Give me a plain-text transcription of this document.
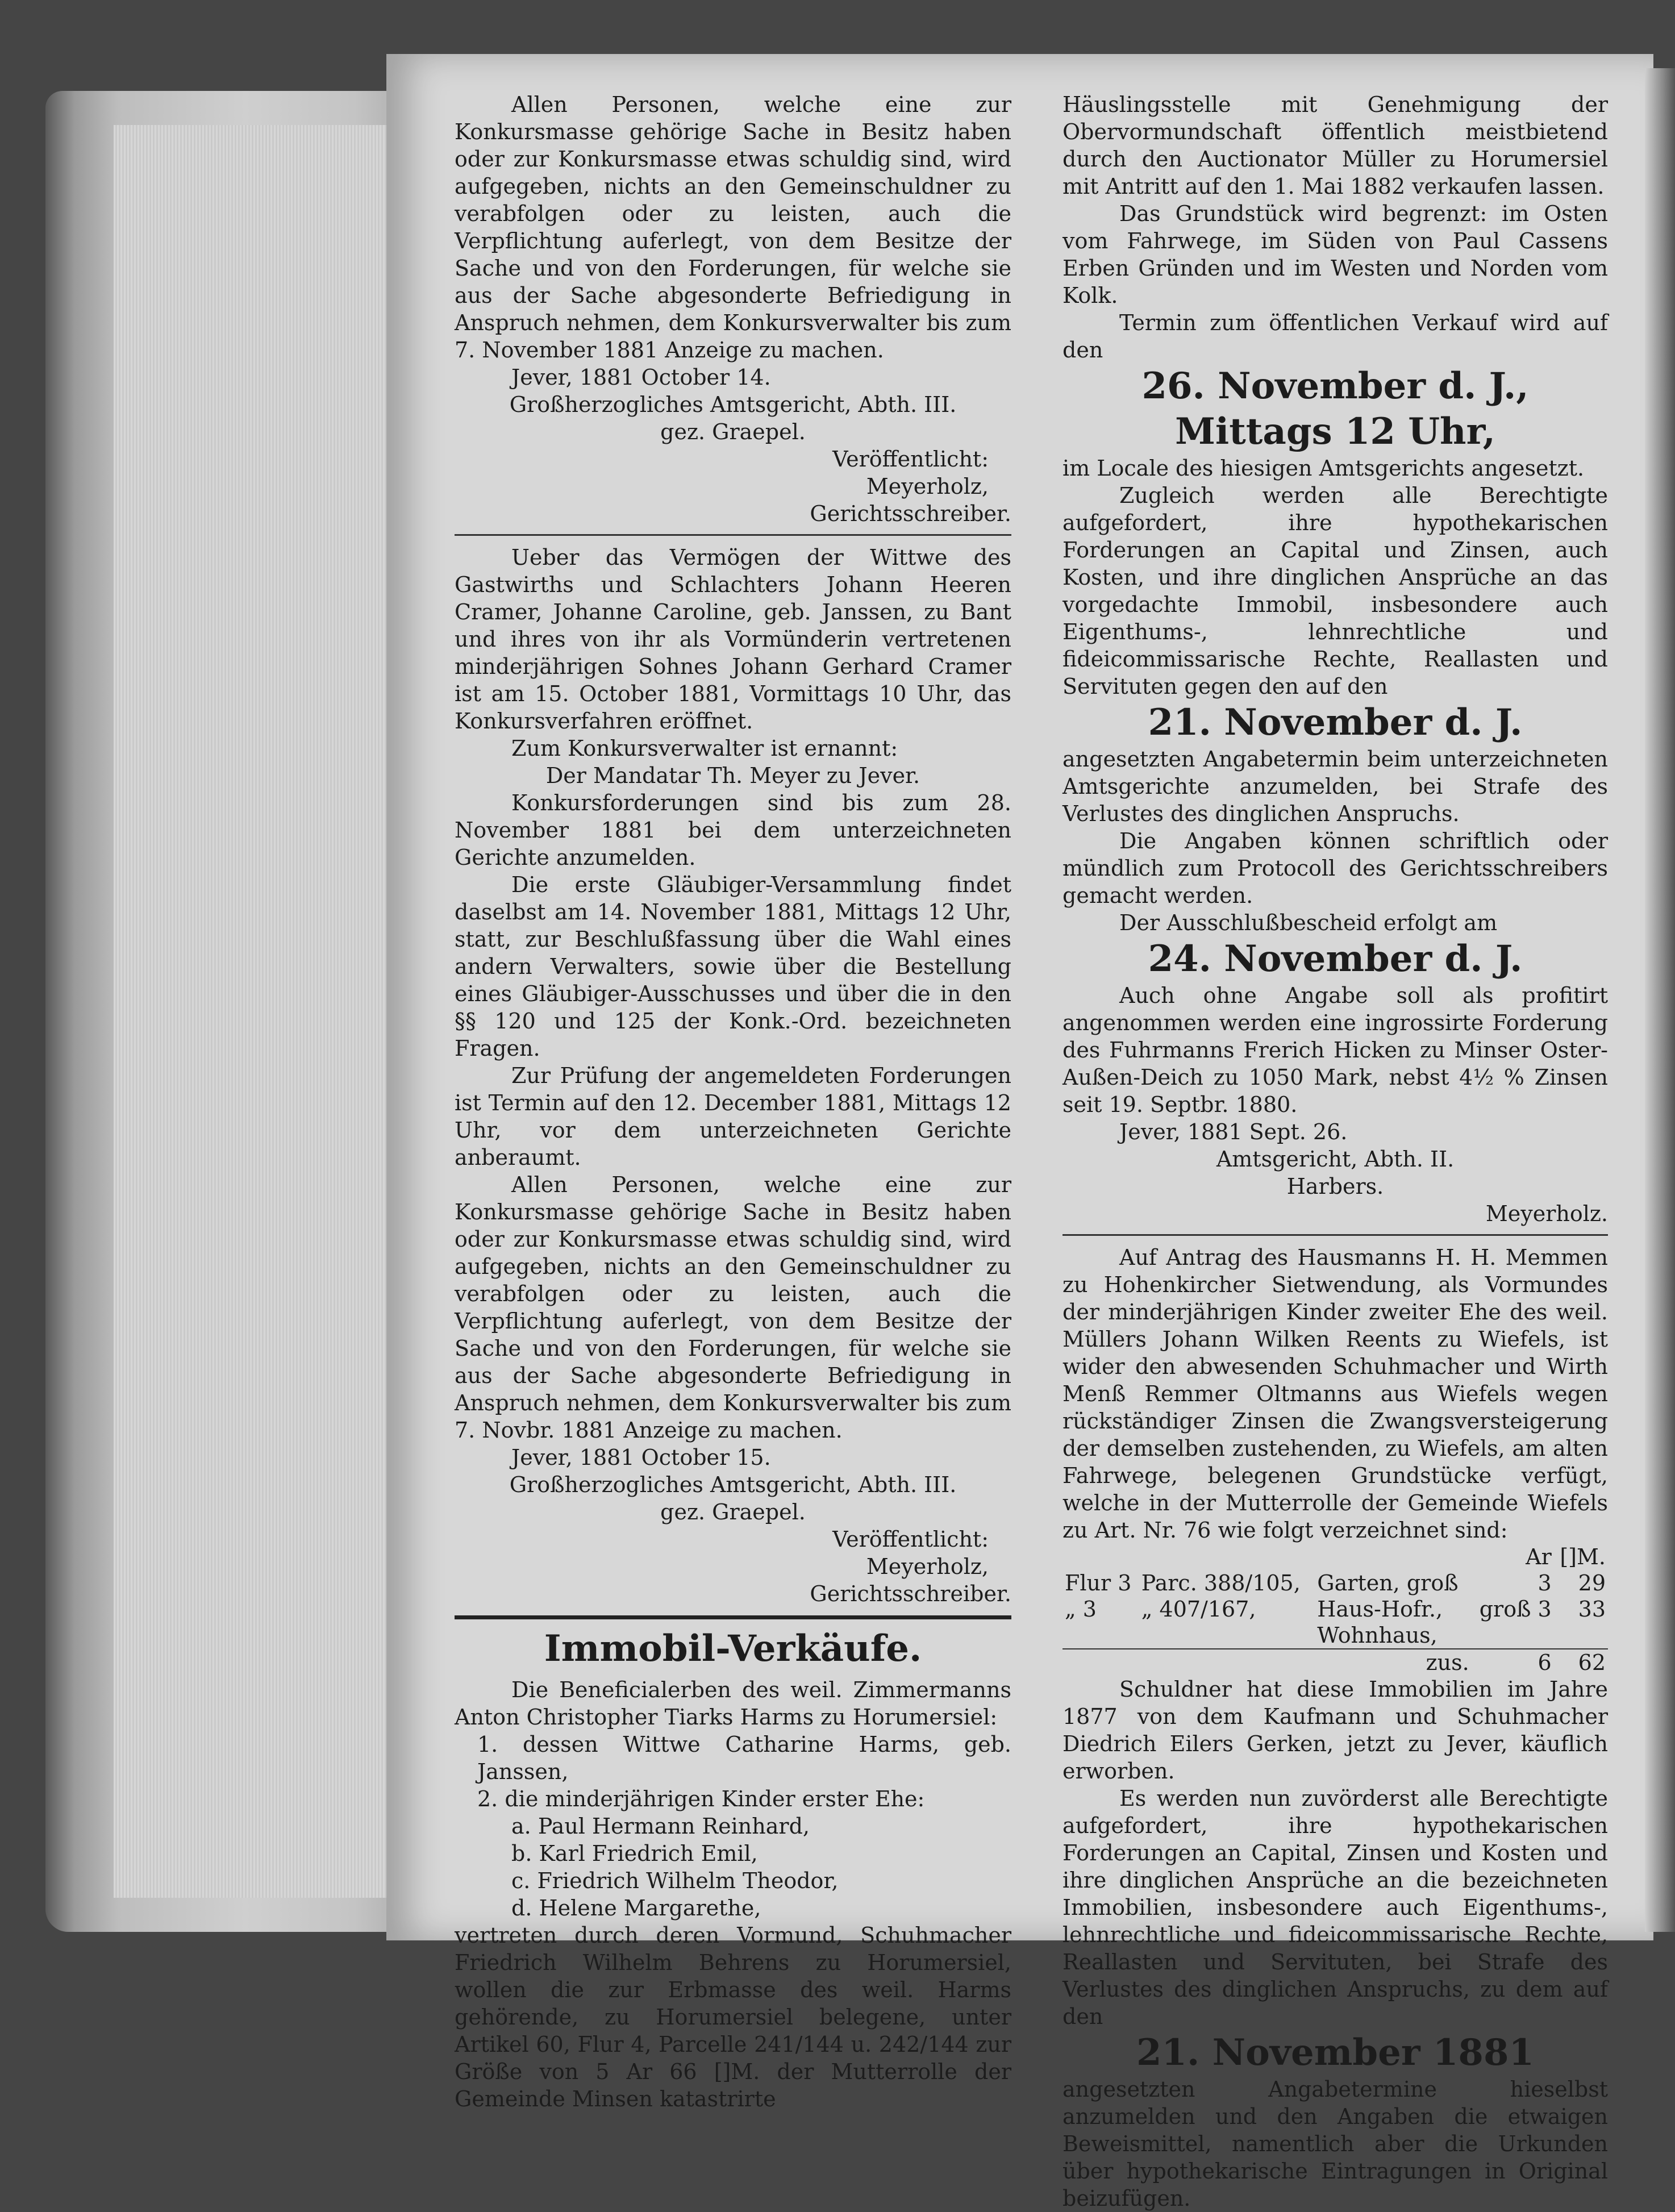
Allen Personen, welche eine zur Konkursmasse gehörige Sache in Besitz haben oder zur Konkursmasse etwas schuldig sind, wird aufgegeben, nichts an den Gemeinschuldner zu verabfolgen oder zu leisten, auch die Verpflichtung auferlegt, von dem Besitze der Sache und von den Forderungen, für welche sie aus der Sache abgesonderte Befriedigung in Anspruch nehmen, dem Konkursverwalter bis zum 7. November 1881 Anzeige zu machen.

Jever, 1881 October 14.

Großherzogliches Amtsgericht, Abth. III.

gez. Graepel.

Veröffentlicht:

Meyerholz,

Gerichtsschreiber.

Ueber das Vermögen der Wittwe des Gastwirths und Schlachters Johann Heeren Cramer, Johanne Caroline, geb. Janssen, zu Bant und ihres von ihr als Vormünderin vertretenen minderjährigen Sohnes Johann Gerhard Cramer ist am 15. October 1881, Vormittags 10 Uhr, das Konkursverfahren eröffnet.

Zum Konkursverwalter ist ernannt:

Der Mandatar Th. Meyer zu Jever.

Konkursforderungen sind bis zum 28. November 1881 bei dem unterzeichneten Gerichte anzumelden.

Die erste Gläubiger-Versammlung findet daselbst am 14. November 1881, Mittags 12 Uhr, statt, zur Beschlußfassung über die Wahl eines andern Verwalters, sowie über die Bestellung eines Gläubiger-Ausschusses und über die in den §§ 120 und 125 der Konk.-Ord. bezeichneten Fragen.

Zur Prüfung der angemeldeten Forderungen ist Termin auf den 12. December 1881, Mittags 12 Uhr, vor dem unterzeichneten Gerichte anberaumt.

Allen Personen, welche eine zur Konkursmasse gehörige Sache in Besitz haben oder zur Konkursmasse etwas schuldig sind, wird aufgegeben, nichts an den Gemeinschuldner zu verabfolgen oder zu leisten, auch die Verpflichtung auferlegt, von dem Besitze der Sache und von den Forderungen, für welche sie aus der Sache abgesonderte Befriedigung in Anspruch nehmen, dem Konkursverwalter bis zum 7. Novbr. 1881 Anzeige zu machen.

Jever, 1881 October 15.

Großherzogliches Amtsgericht, Abth. III.

gez. Graepel.

Veröffentlicht:

Meyerholz,

Gerichtsschreiber.

Immobil-Verkäufe.

Die Beneficialerben des weil. Zimmermanns Anton Christopher Tiarks Harms zu Horumersiel:

1. dessen Wittwe Catharine Harms, geb. Janssen,

2. die minderjährigen Kinder erster Ehe:

a. Paul Hermann Reinhard,

b. Karl Friedrich Emil,

c. Friedrich Wilhelm Theodor,

d. Helene Margarethe,

vertreten durch deren Vormund, Schuhmacher Friedrich Wilhelm Behrens zu Horumersiel, wollen die zur Erbmasse des weil. Harms gehörende, zu Horumersiel belegene, unter Artikel 60, Flur 4, Parcelle 241/144 u. 242/144 zur Größe von 5 Ar 66 []M. der Mutterrolle der Gemeinde Minsen katastrirte

Häuslingsstelle mit Genehmigung der Obervormundschaft öffentlich meistbietend durch den Auctionator Müller zu Horumersiel mit Antritt auf den 1. Mai 1882 verkaufen lassen.

Das Grundstück wird begrenzt: im Osten vom Fahrwege, im Süden von Paul Cassens Erben Gründen und im Westen und Norden vom Kolk.

Termin zum öffentlichen Verkauf wird auf den

26. November d. J., Mittags 12 Uhr,

im Locale des hiesigen Amtsgerichts angesetzt.

Zugleich werden alle Berechtigte aufgefordert, ihre hypothekarischen Forderungen an Capital und Zinsen, auch Kosten, und ihre dinglichen Ansprüche an das vorgedachte Immobil, insbesondere auch Eigenthums-, lehnrechtliche und fideicommissarische Rechte, Reallasten und Servituten gegen den auf den

21. November d. J.

angesetzten Angabetermin beim unterzeichneten Amtsgerichte anzumelden, bei Strafe des Verlustes des dinglichen Anspruchs.

Die Angaben können schriftlich oder mündlich zum Protocoll des Gerichtsschreibers gemacht werden.

Der Ausschlußbescheid erfolgt am

24. November d. J.

Auch ohne Angabe soll als profitirt angenommen werden eine ingrossirte Forderung des Fuhrmanns Frerich Hicken zu Minser Oster-Außen-Deich zu 1050 Mark, nebst 4½ % Zinsen seit 19. Septbr. 1880.

Jever, 1881 Sept. 26.

Amtsgericht, Abth. II.

Harbers.

Meyerholz.

Auf Antrag des Hausmanns H. H. Memmen zu Hohenkircher Sietwendung, als Vormundes der minderjährigen Kinder zweiter Ehe des weil. Müllers Johann Wilken Reents zu Wiefels, ist wider den abwesenden Schuhmacher und Wirth Menß Remmer Oltmanns aus Wiefels wegen rückständiger Zinsen die Zwangsversteigerung der demselben zustehenden, zu Wiefels, am alten Fahrwege, belegenen Grundstücke verfügt, welche in der Mutterrolle der Gemeinde Wiefels zu Art. Nr. 76 wie folgt verzeichnet sind:

			Ar	[]M.
Flur 3	Parc. 388/105,	Garten, groß	3	29
„ 3	„ 407/167,	Haus-Hofr., Wohnhaus,	groß 3	33
		zus.	6	62

Schuldner hat diese Immobilien im Jahre 1877 von dem Kaufmann und Schuhmacher Diedrich Eilers Gerken, jetzt zu Jever, käuflich erworben.

Es werden nun zuvörderst alle Berechtigte aufgefordert, ihre hypothekarischen Forderungen an Capital, Zinsen und Kosten und ihre dinglichen Ansprüche an die bezeichneten Immobilien, insbesondere auch Eigenthums-, lehnrechtliche und fideicommissarische Rechte, Reallasten und Servituten, bei Strafe des Verlustes des dinglichen Anspruchs, zu dem auf den

21. November 1881

angesetzten Angabetermine hieselbst anzumelden und den Angaben die etwaigen Beweismittel, namentlich aber die Urkunden über hypothekarische Eintragungen in Original beizufügen.
